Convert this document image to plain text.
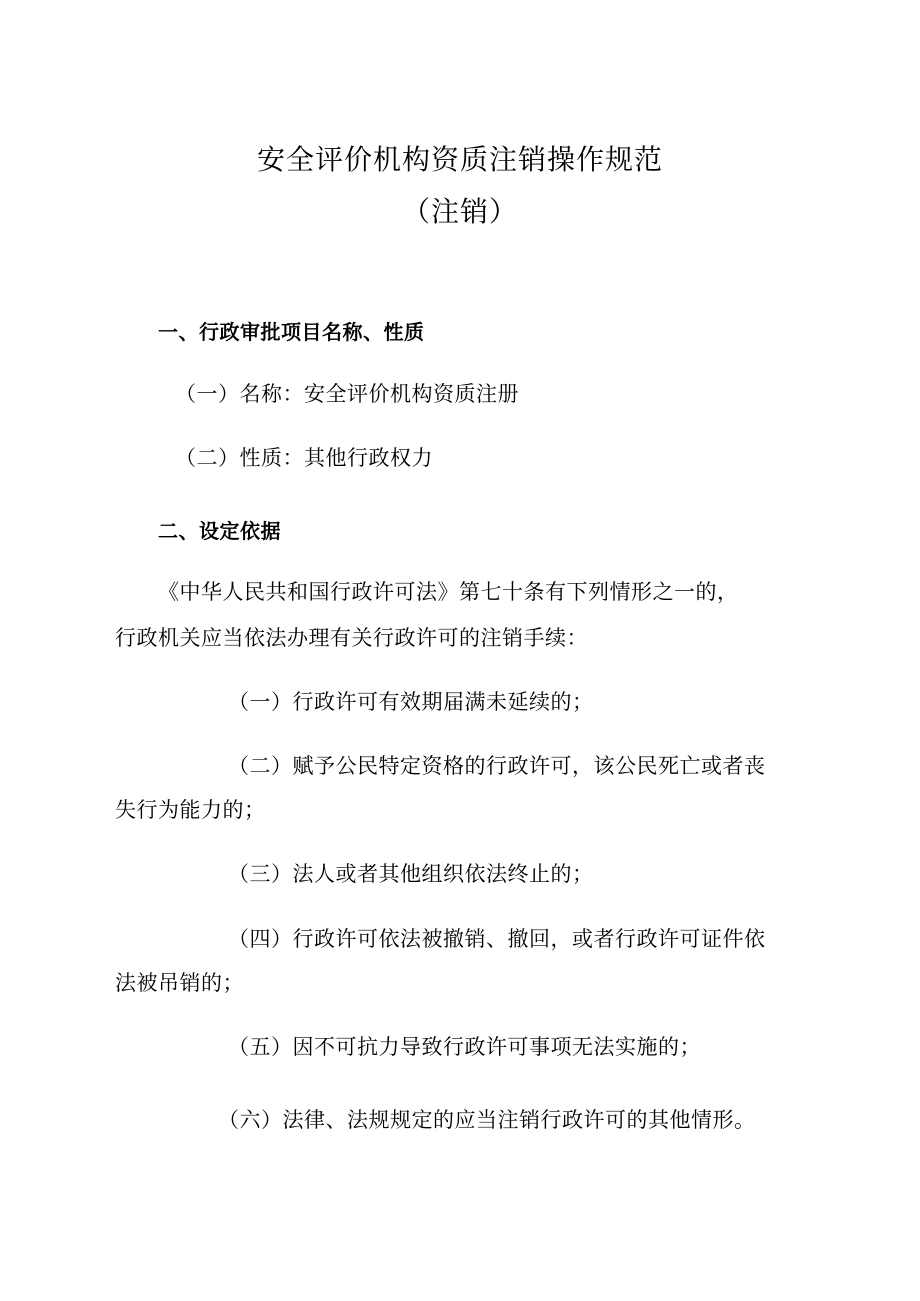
安全评价机构资质注销操作规范
（注销）
一、行政审批项目名称、性质
（一）名称：安全评价机构资质注册
（二）性质：其他行政权力
二、设定依据
《中华人民共和国行政许可法》第七十条有下列情形之一的，
行政机关应当依法办理有关行政许可的注销手续：
（一）行政许可有效期届满未延续的；
（二）赋予公民特定资格的行政许可，该公民死亡或者丧
失行为能力的；
（三）法人或者其他组织依法终止的；
（四）行政许可依法被撤销、撤回，或者行政许可证件依
法被吊销的；
（五）因不可抗力导致行政许可事项无法实施的；
（六）法律、法规规定的应当注销行政许可的其他情形。
